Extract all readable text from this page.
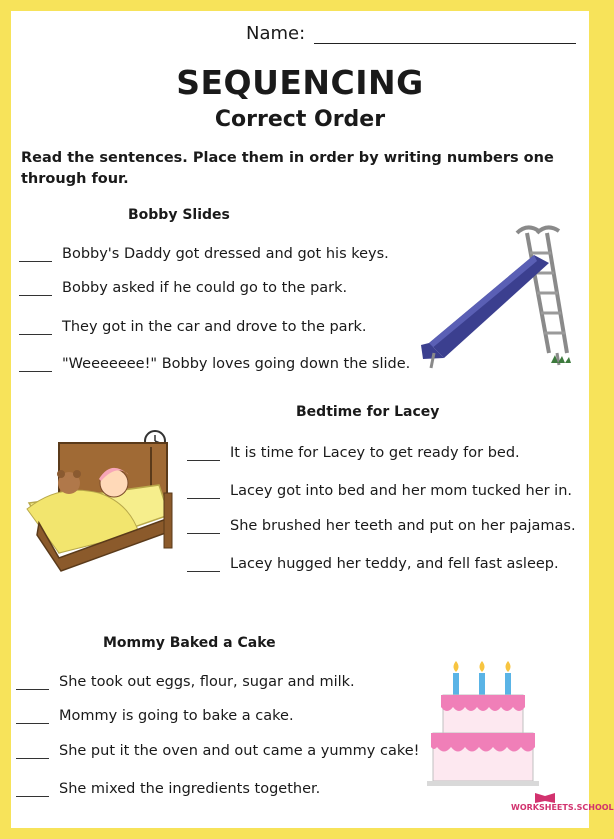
Name:
SEQUENCING
Correct Order
Read the sentences. Place them in order by writing numbers one through four.
Bobby Slides
Bobby's Daddy got dressed and got his keys.
Bobby asked if he could go to the park.
They got in the car and drove to the park.
"Weeeeeee!" Bobby loves going down the slide.
Bedtime for Lacey
It is time for Lacey to get ready for bed.
Lacey got into bed and her mom tucked her in.
She brushed her teeth and put on her pajamas.
Lacey hugged her teddy, and fell fast asleep.
Mommy Baked a Cake
She took out eggs, flour, sugar and milk.
Mommy is going to bake a cake.
She put it the oven and out came a yummy cake!
She mixed the ingredients together.
WORKSHEETS.SCHOOL
